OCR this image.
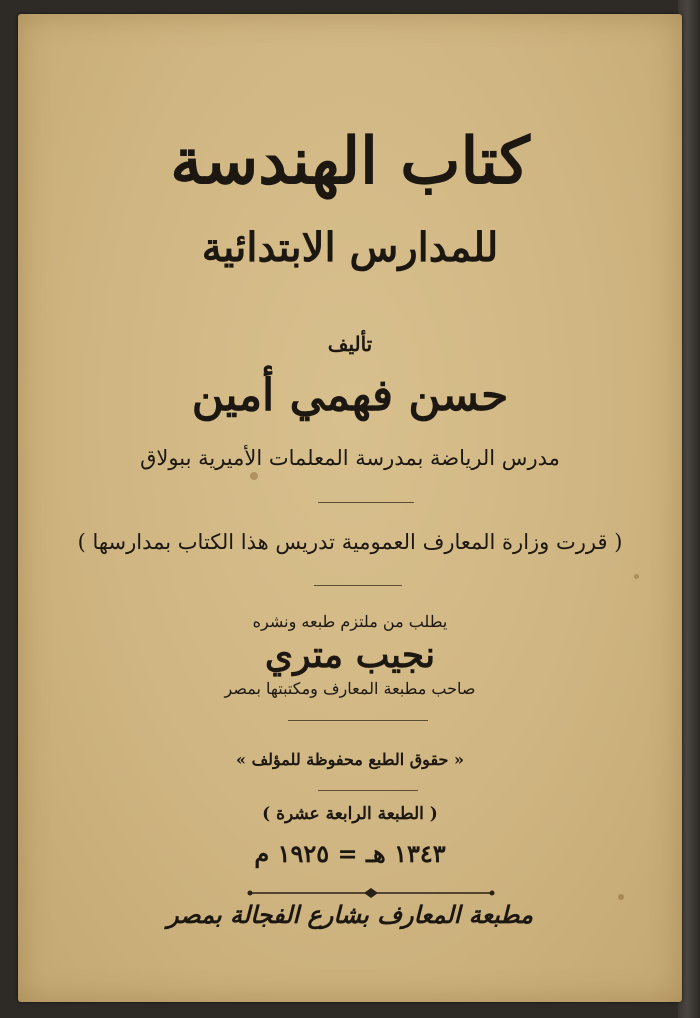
كتاب الهندسة
للمدارس الابتدائية
تأليف
حسن فهمي أمين
مدرس الرياضة بمدرسة المعلمات الأميرية ببولاق
( قررت وزارة المعارف العمومية تدريس هذا الكتاب بمدارسها )
يطلب من ملتزم طبعه ونشره
نجيب متري
صاحب مطبعة المعارف ومكتبتها بمصر
« حقوق الطبع محفوظة للمؤلف »
( الطبعة الرابعة عشرة )
١٣٤٣ هـ = ١٩٢٥ م
مطبعة المعارف بشارع الفجالة بمصر
